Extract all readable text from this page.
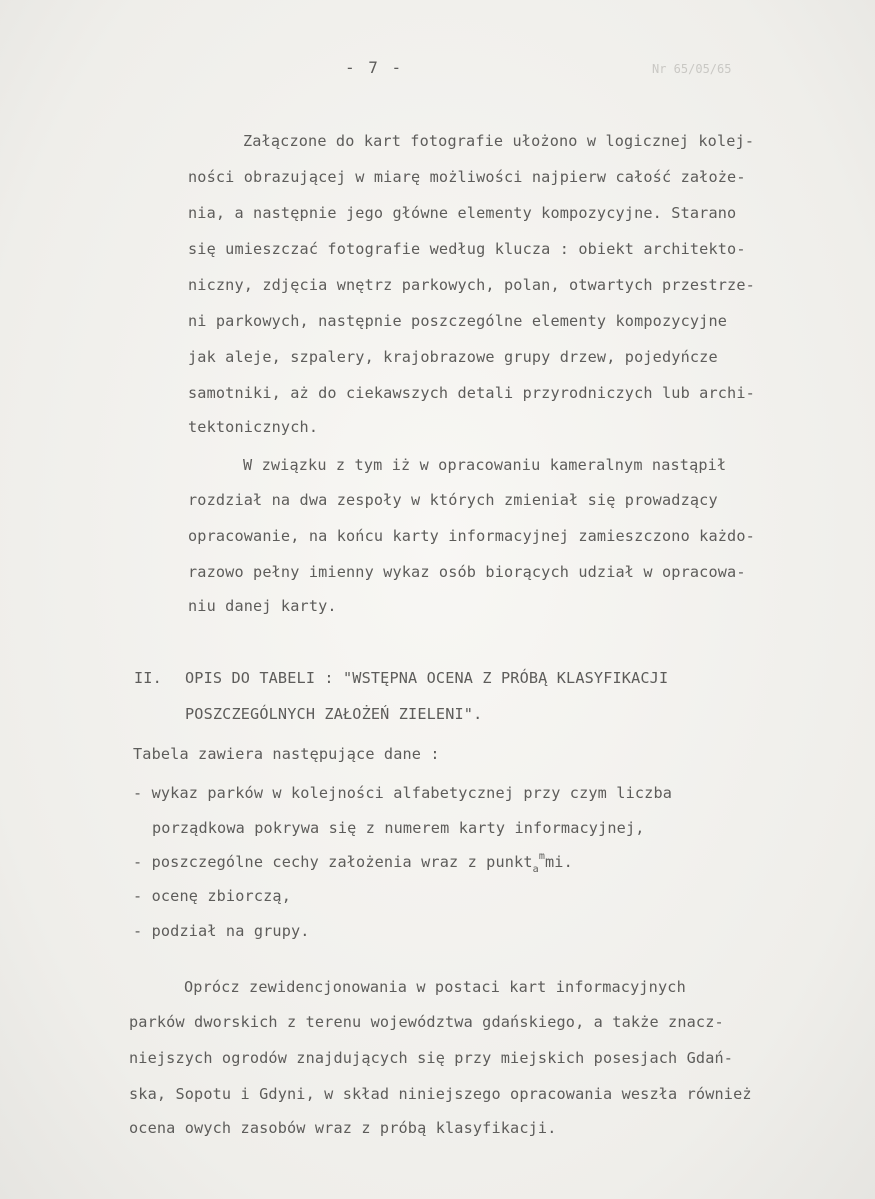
- 7 -	Nr 65/05/65
Załączone do kart fotografie ułożono w logicznej kolej-
ności obrazującej w miarę możliwości najpierw całość założe-
nia, a następnie jego główne elementy kompozycyjne. Starano
się umieszczać fotografie według klucza : obiekt architekto-
niczny, zdjęcia wnętrz parkowych, polan, otwartych przestrze-
ni parkowych, następnie poszczególne elementy kompozycyjne
jak aleje, szpalery, krajobrazowe grupy drzew, pojedyńcze
samotniki, aż do ciekawszych detali przyrodniczych lub archi-
tektonicznych.
W związku z tym iż w opracowaniu kameralnym nastąpił
rozdział na dwa zespoły w których zmieniał się prowadzący
opracowanie, na końcu karty informacyjnej zamieszczono każdo-
razowo pełny imienny wykaz osób biorących udział w opracowa-
niu danej karty.
II. OPIS DO TABELI : "WSTĘPNA OCENA Z PRÓBĄ KLASYFIKACJI
POSZCZEGÓLNYCH ZAŁOŻEŃ ZIELENI".
Tabela zawiera następujące dane :
- wykaz parków w kolejności alfabetycznej przy czym liczba
porządkowa pokrywa się z numerem karty informacyjnej,
- poszczególne cechy założenia wraz z punkt$_a^m$mi.
- ocenę zbiorczą,
- podział na grupy.
Oprócz zewidencjonowania w postaci kart informacyjnych
parków dworskich z terenu województwa gdańskiego, a także znacz-
niejszych ogrodów znajdujących się przy miejskich posesjach Gdań-
ska, Sopotu i Gdyni, w skład niniejszego opracowania weszła również
ocena owych zasobów wraz z próbą klasyfikacji.
